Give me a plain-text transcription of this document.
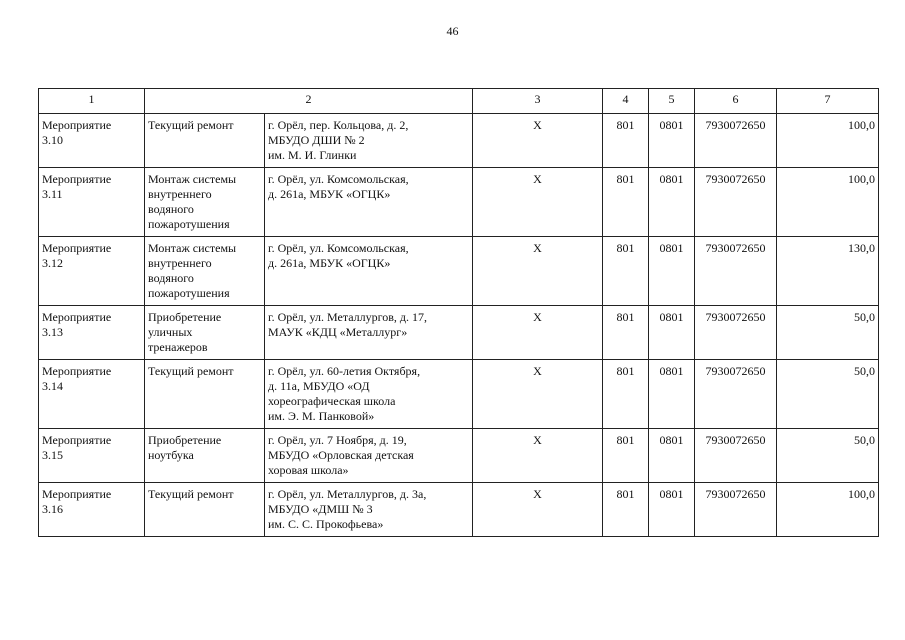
46
1	2		3	4	5	6	7
Мероприятие
3.10	Текущий ремонт	г. Орёл, пер. Кольцова, д. 2,
МБУДО ДШИ № 2
им. М. И. Глинки	Х	801	0801	7930072650	100,0
Мероприятие
3.11	Монтаж системы
внутреннего
водяного
пожаротушения	г. Орёл, ул. Комсомольская,
д. 261а, МБУК «ОГЦК»	Х	801	0801	7930072650	100,0
Мероприятие
3.12	Монтаж системы
внутреннего
водяного
пожаротушения	г. Орёл, ул. Комсомольская,
д. 261а, МБУК «ОГЦК»	Х	801	0801	7930072650	130,0
Мероприятие
3.13	Приобретение
уличных
тренажеров	г. Орёл, ул. Металлургов, д. 17,
МАУК «КДЦ «Металлург»	Х	801	0801	7930072650	50,0
Мероприятие
3.14	Текущий ремонт	г. Орёл, ул. 60-летия Октября,
д. 11а, МБУДО «ОД
хореографическая школа
им. Э. М. Панковой»	Х	801	0801	7930072650	50,0
Мероприятие
3.15	Приобретение
ноутбука	г. Орёл, ул. 7 Ноября, д. 19,
МБУДО «Орловская детская
хоровая школа»	Х	801	0801	7930072650	50,0
Мероприятие
3.16	Текущий ремонт	г. Орёл, ул. Металлургов, д. 3а,
МБУДО «ДМШ № 3
им. С. С. Прокофьева»	Х	801	0801	7930072650	100,0
